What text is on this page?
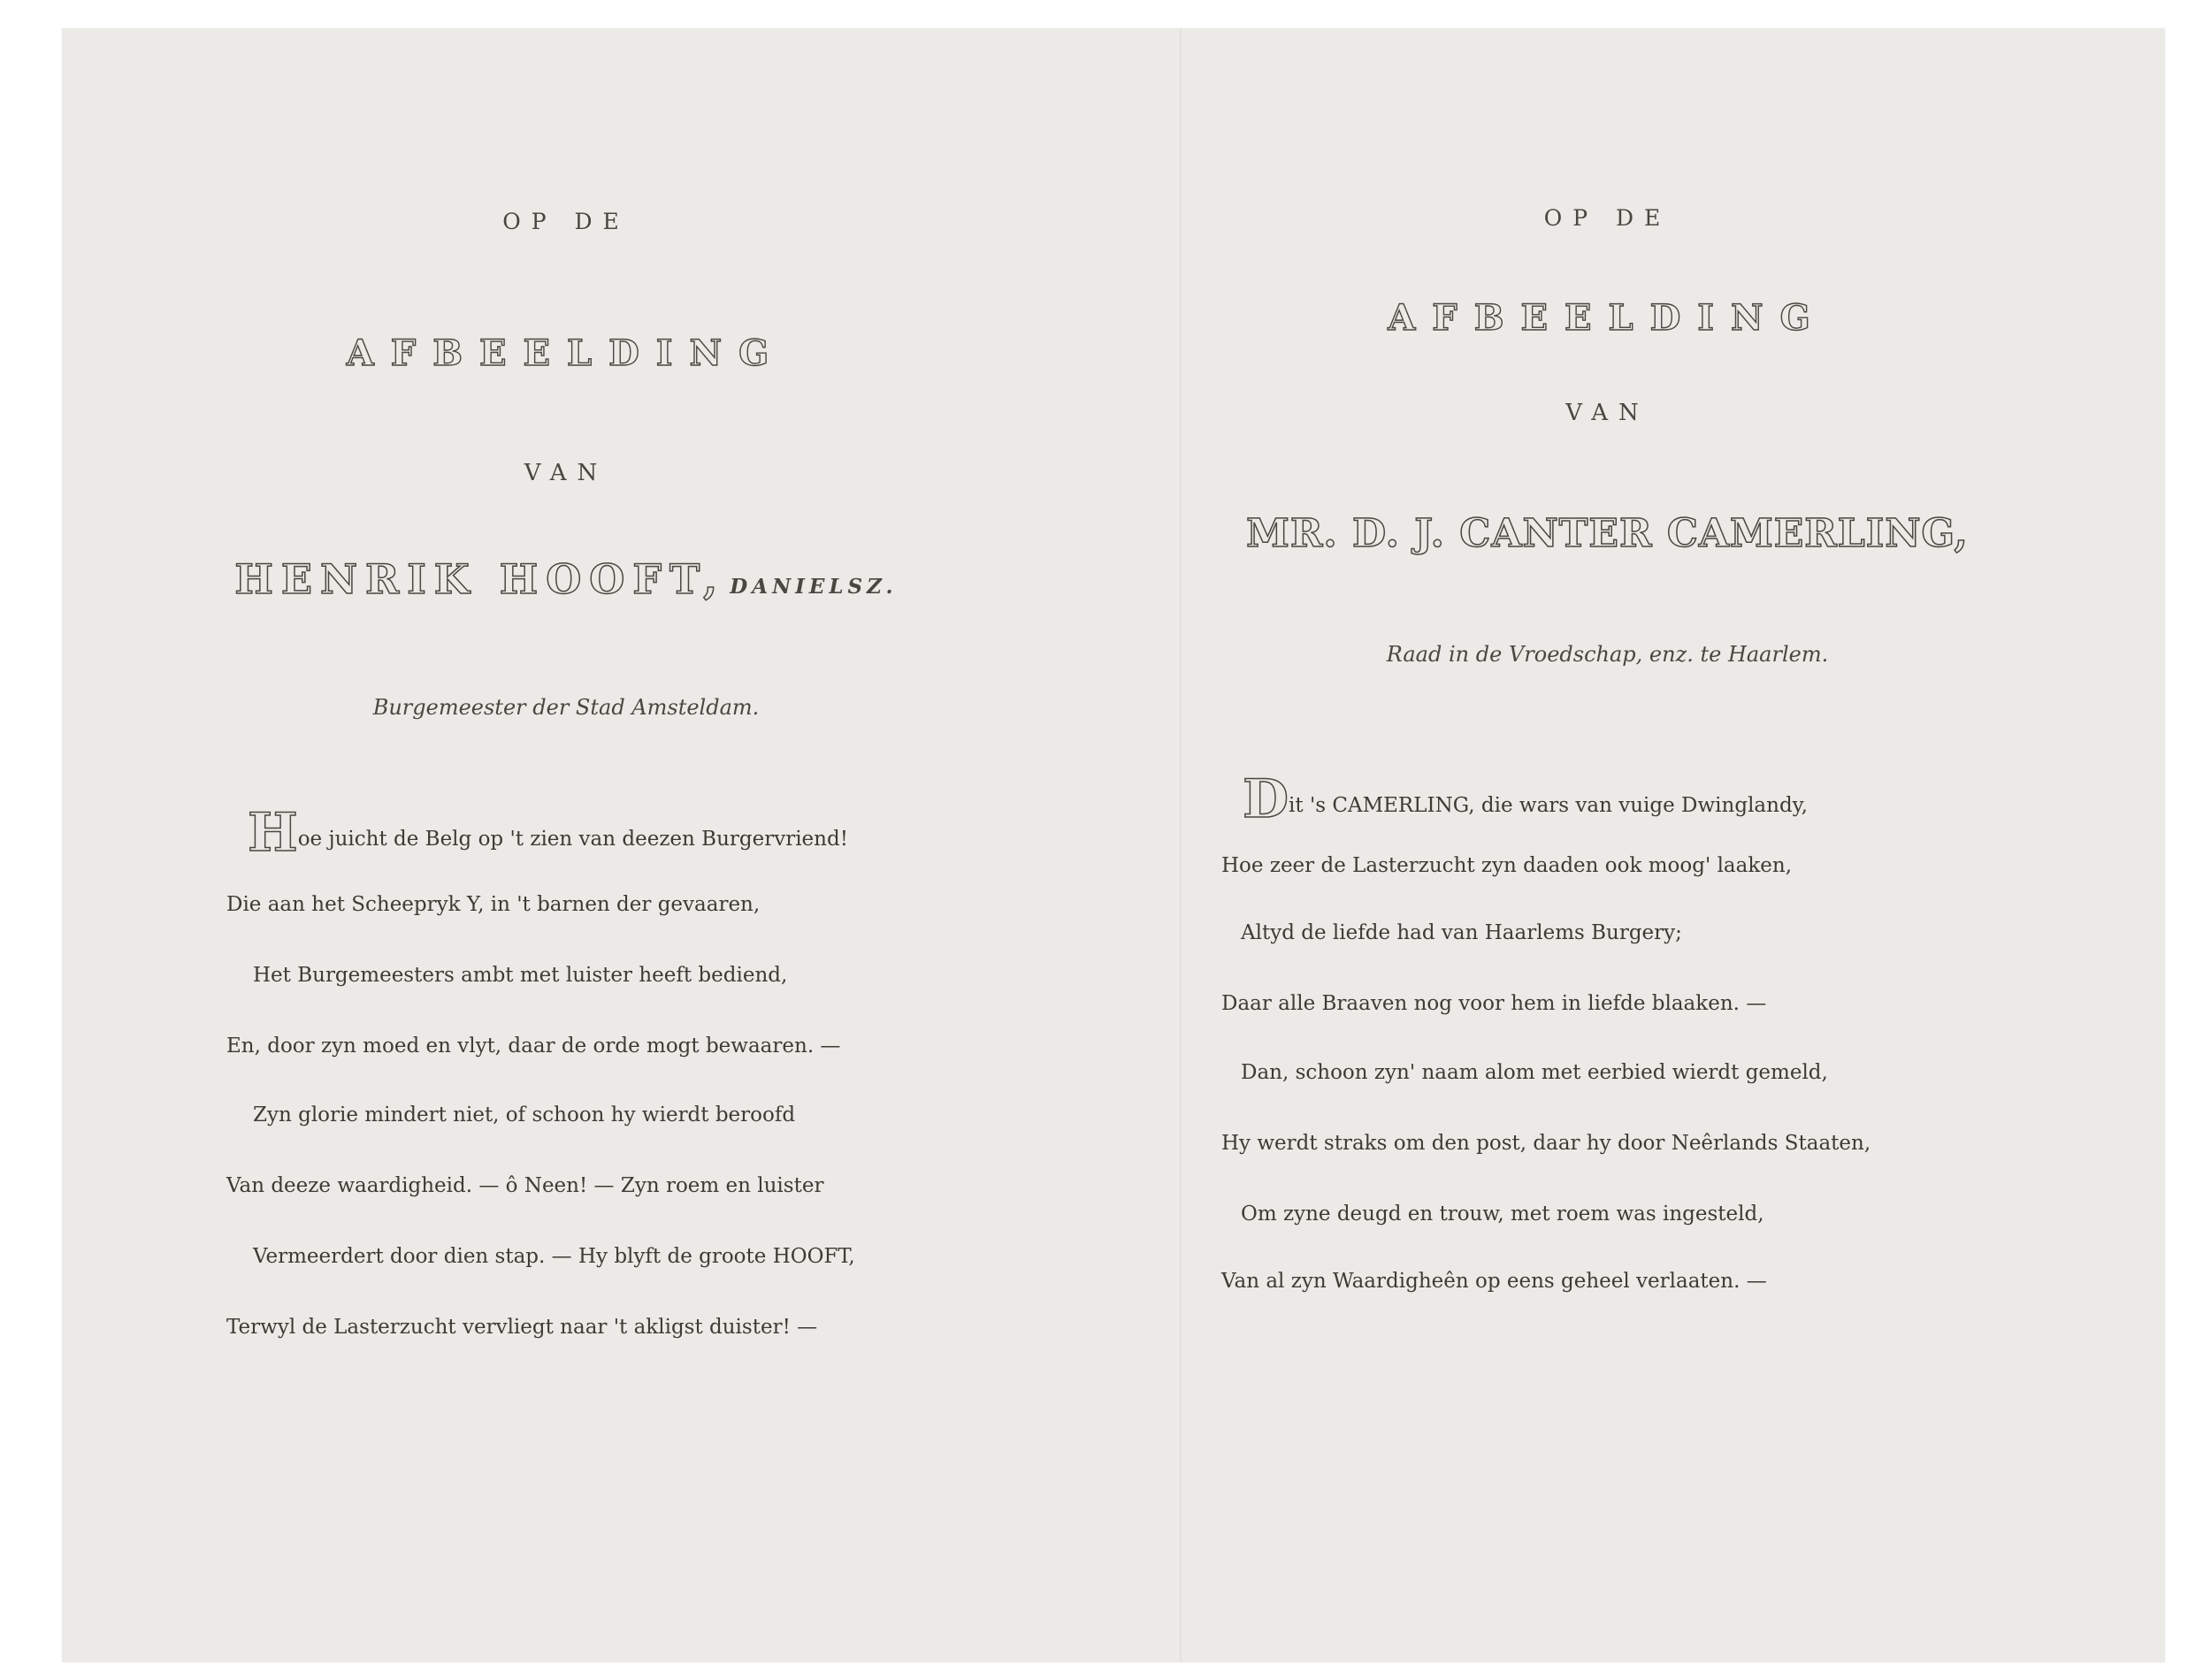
OP DE
AFBEELDING
VAN
HENRIK HOOFT, DANIELSZ.
Burgemeester der Stad Amsteldam.
Hoe juicht de Belg op 't zien van deezen Burgervriend!
Die aan het Scheepryk Y, in 't barnen der gevaaren,
Het Burgemeesters ambt met luister heeft bediend,
En, door zyn moed en vlyt, daar de orde mogt bewaaren. —
Zyn glorie mindert niet, of schoon hy wierdt beroofd
Van deeze waardigheid. — ô Neen! — Zyn roem en luister
Vermeerdert door dien stap. — Hy blyft de groote HOOFT,
Terwyl de Lasterzucht vervliegt naar 't akligst duister! —
OP DE
AFBEELDING
VAN
MR. D. J. CANTER CAMERLING,
Raad in de Vroedschap, enz. te Haarlem.
Dit 's CAMERLING, die wars van vuige Dwinglandy,
Hoe zeer de Lasterzucht zyn daaden ook moog' laaken,
Altyd de liefde had van Haarlems Burgery;
Daar alle Braaven nog voor hem in liefde blaaken. —
Dan, schoon zyn' naam alom met eerbied wierdt gemeld,
Hy werdt straks om den post, daar hy door Neêrlands Staaten,
Om zyne deugd en trouw, met roem was ingesteld,
Van al zyn Waardigheên op eens geheel verlaaten. —
